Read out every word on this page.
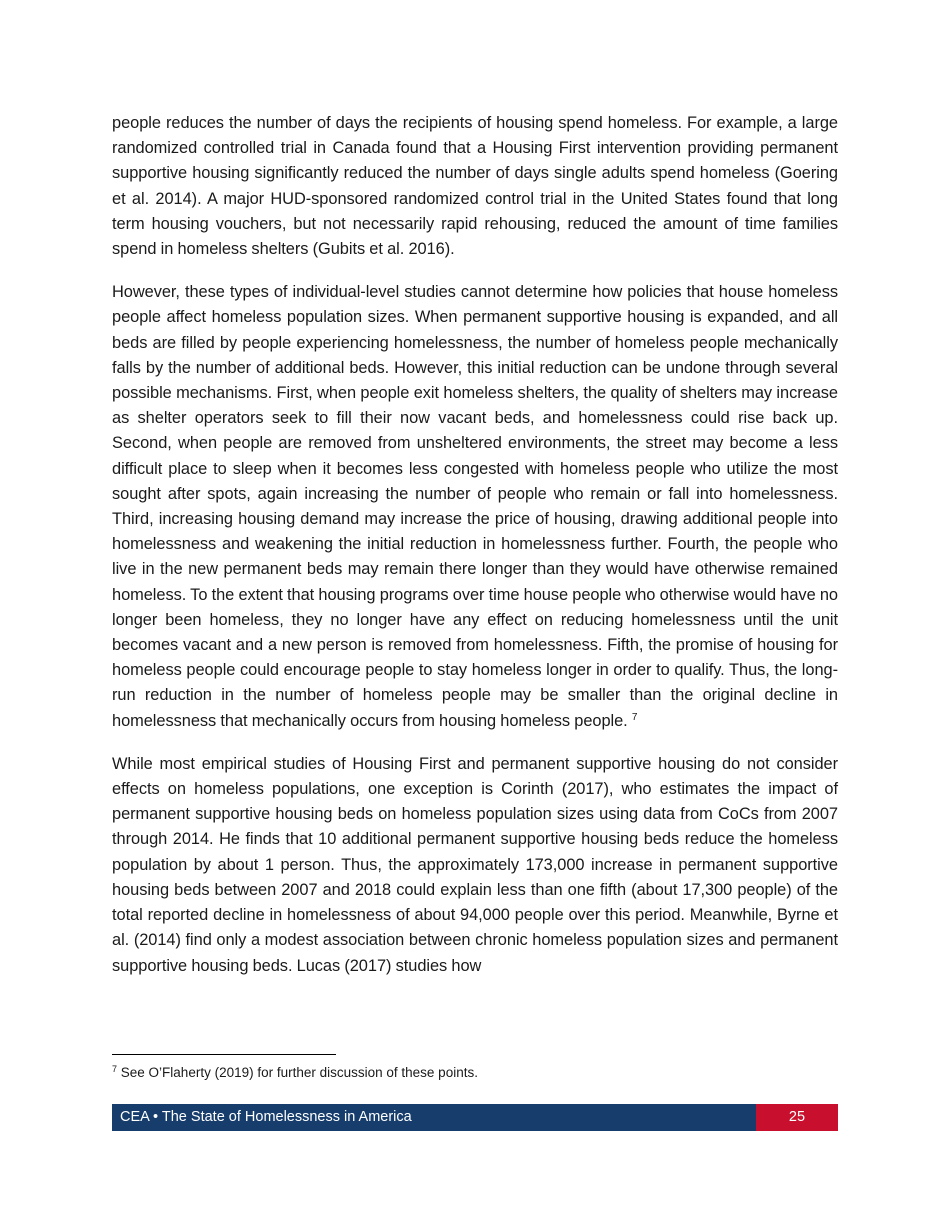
people reduces the number of days the recipients of housing spend homeless. For example, a large randomized controlled trial in Canada found that a Housing First intervention providing permanent supportive housing significantly reduced the number of days single adults spend homeless (Goering et al. 2014). A major HUD-sponsored randomized control trial in the United States found that long term housing vouchers, but not necessarily rapid rehousing, reduced the amount of time families spend in homeless shelters (Gubits et al. 2016).

However, these types of individual-level studies cannot determine how policies that house homeless people affect homeless population sizes. When permanent supportive housing is expanded, and all beds are filled by people experiencing homelessness, the number of homeless people mechanically falls by the number of additional beds. However, this initial reduction can be undone through several possible mechanisms. First, when people exit homeless shelters, the quality of shelters may increase as shelter operators seek to fill their now vacant beds, and homelessness could rise back up. Second, when people are removed from unsheltered environments, the street may become a less difficult place to sleep when it becomes less congested with homeless people who utilize the most sought after spots, again increasing the number of people who remain or fall into homelessness. Third, increasing housing demand may increase the price of housing, drawing additional people into homelessness and weakening the initial reduction in homelessness further. Fourth, the people who live in the new permanent beds may remain there longer than they would have otherwise remained homeless. To the extent that housing programs over time house people who otherwise would have no longer been homeless, they no longer have any effect on reducing homelessness until the unit becomes vacant and a new person is removed from homelessness. Fifth, the promise of housing for homeless people could encourage people to stay homeless longer in order to qualify. Thus, the long-run reduction in the number of homeless people may be smaller than the original decline in homelessness that mechanically occurs from housing homeless people. $^7$

While most empirical studies of Housing First and permanent supportive housing do not consider effects on homeless populations, one exception is Corinth (2017), who estimates the impact of permanent supportive housing beds on homeless population sizes using data from CoCs from 2007 through 2014. He finds that 10 additional permanent supportive housing beds reduce the homeless population by about 1 person. Thus, the approximately 173,000 increase in permanent supportive housing beds between 2007 and 2018 could explain less than one fifth (about 17,300 people) of the total reported decline in homelessness of about 94,000 people over this period. Meanwhile, Byrne et al. (2014) find only a modest association between chronic homeless population sizes and permanent supportive housing beds. Lucas (2017) studies how

$^7$ See O’Flaherty (2019) for further discussion of these points.
CEA • The State of Homelessness in America	25
